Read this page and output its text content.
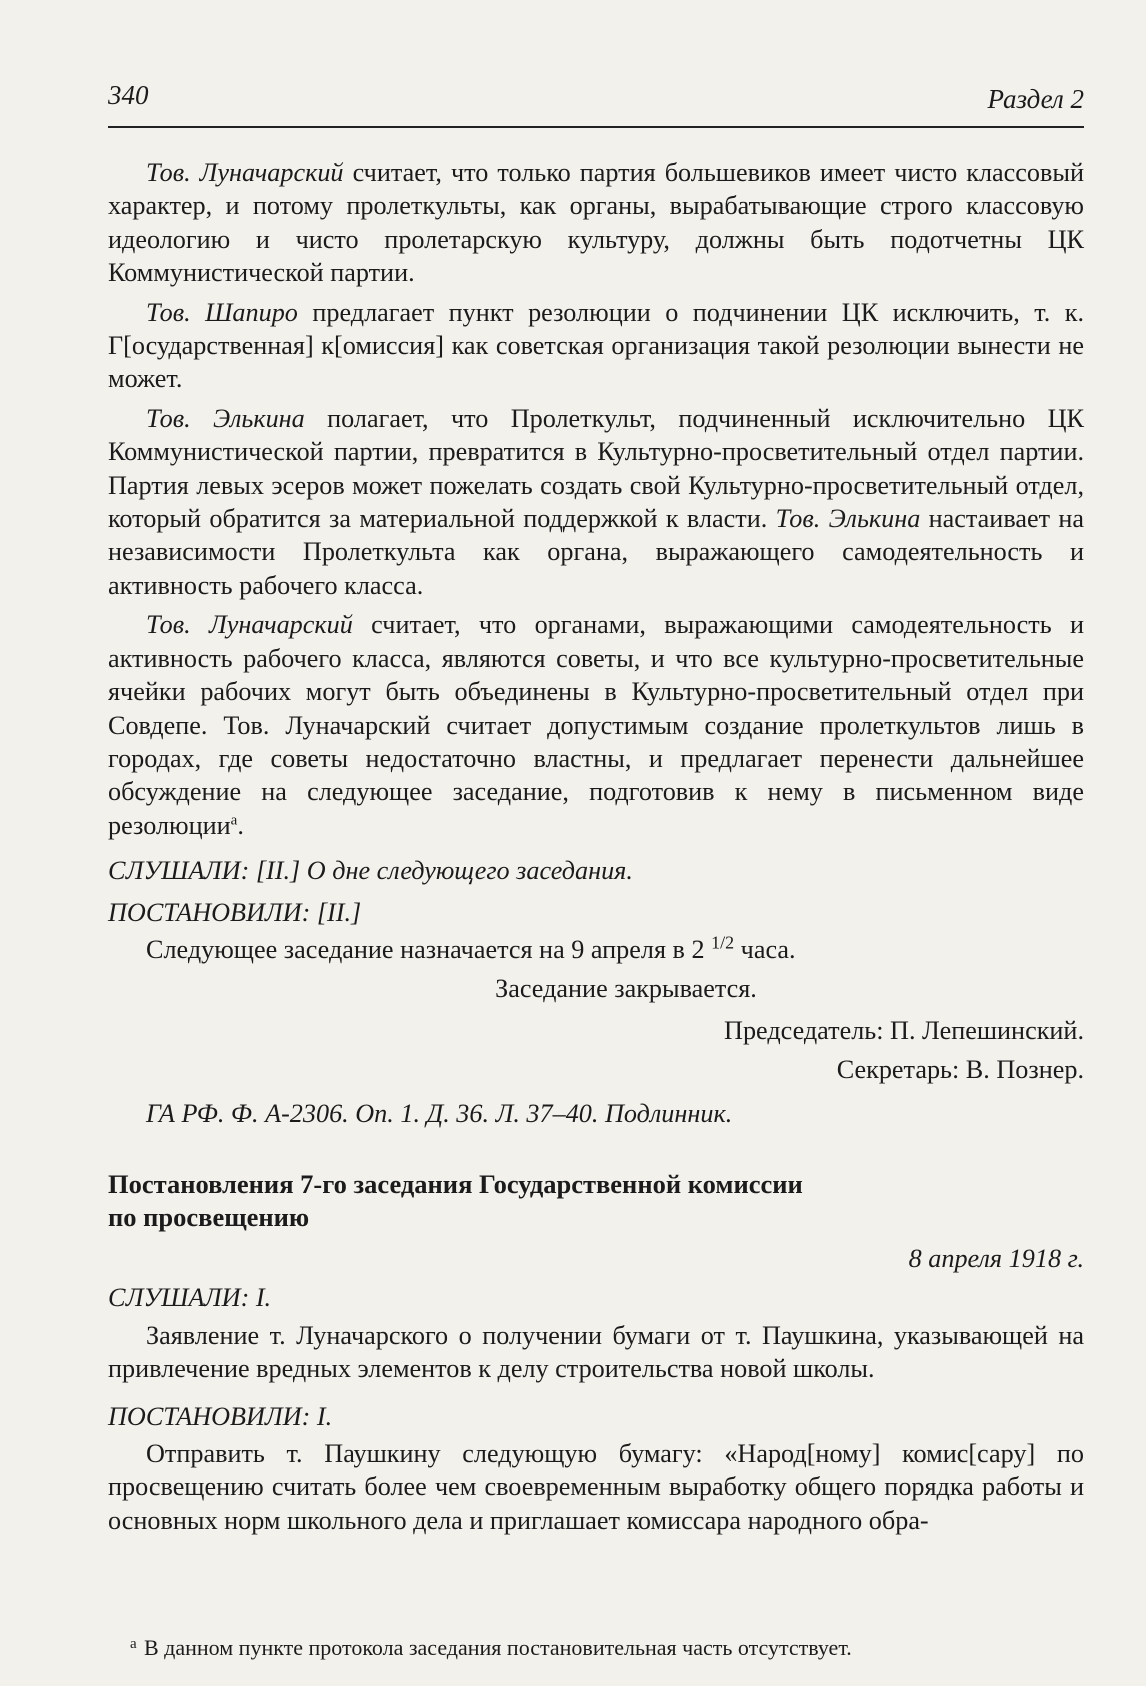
340	Раздел 2

Тов. Луначарский считает, что только партия большевиков имеет чисто классовый характер, и потому пролеткульты, как органы, вырабатывающие строго классовую идеологию и чисто пролетарскую культуру, должны быть подотчетны ЦК Коммунистической партии.

Тов. Шапиро предлагает пункт резолюции о подчинении ЦК исключить, т. к. Г[осударственная] к[омиссия] как советская организация такой резолюции вынести не может.

Тов. Элькина полагает, что Пролеткульт, подчиненный исключительно ЦК Коммунистической партии, превратится в Культурно-просветительный отдел партии. Партия левых эсеров может пожелать создать свой Культурно-просветительный отдел, который обратится за материальной поддержкой к власти. Тов. Элькина настаивает на независимости Пролеткульта как органа, выражающего самодеятельность и активность рабочего класса.

Тов. Луначарский считает, что органами, выражающими самодеятельность и активность рабочего класса, являются советы, и что все культурно-просветительные ячейки рабочих могут быть объединены в Культурно-просветительный отдел при Совдепе. Тов. Луначарский считает допустимым создание пролеткультов лишь в городах, где советы недостаточно властны, и предлагает перенести дальнейшее обсуждение на следующее заседание, подготовив к нему в письменном виде резолюции$^а$.

СЛУШАЛИ: [II.] О дне следующего заседания.

ПОСТАНОВИЛИ: [II.]

Следующее заседание назначается на 9 апреля в 2 $^{1/2}$ часа.

Заседание закрывается.

Председатель: П. Лепешинский.

Секретарь: В. Познер.

ГА РФ. Ф. А-2306. Оп. 1. Д. 36. Л. 37–40. Подлинник.

Постановления 7-го заседания Государственной комиссии
по просвещению

8 апреля 1918 г.

СЛУШАЛИ: I.

Заявление т. Луначарского о получении бумаги от т. Паушкина, указывающей на привлечение вредных элементов к делу строительства новой школы.

ПОСТАНОВИЛИ: I.

Отправить т. Паушкину следующую бумагу: «Народ[ному] комис[сару] по просвещению считать более чем своевременным выработку общего порядка работы и основных норм школьного дела и приглашает комиссара народного обра-

а В данном пункте протокола заседания постановительная часть отсутствует.
